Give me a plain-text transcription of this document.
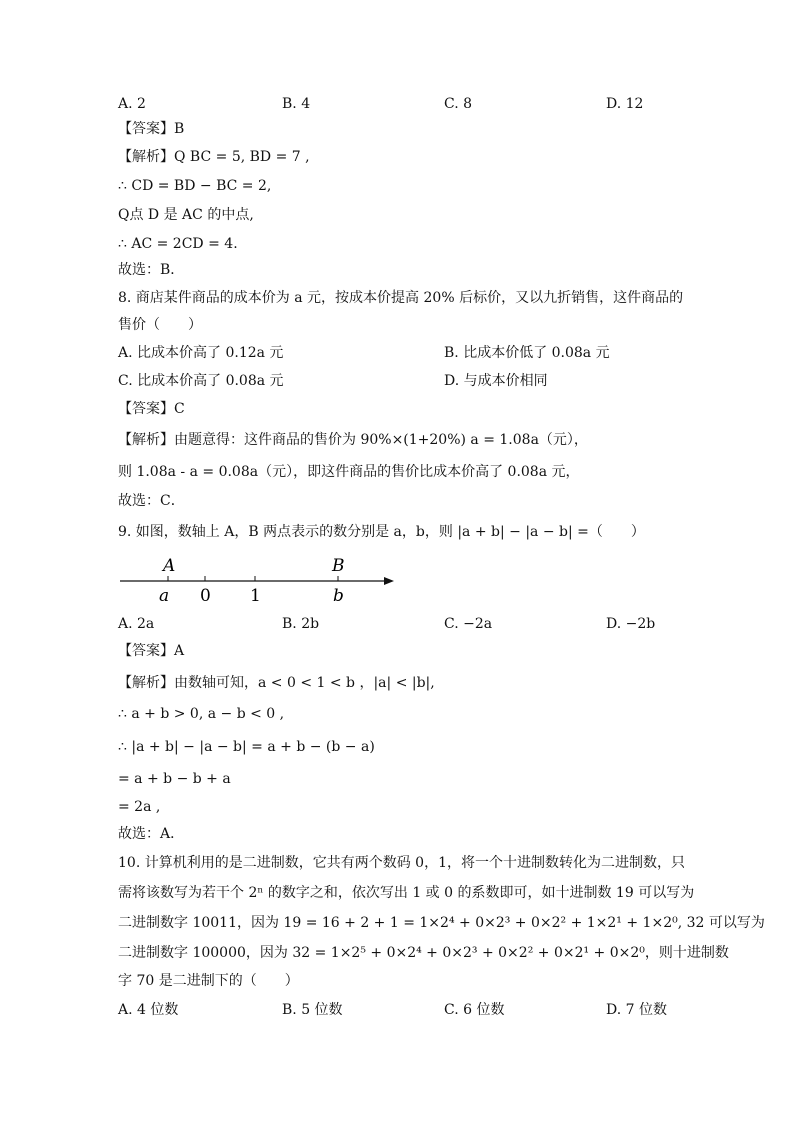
A. 2	B. 4	C. 8	D. 12
【答案】B
【解析】Q BC = 5, BD = 7 ,
∴ CD = BD − BC = 2,
Q点 D 是 AC 的中点,
∴ AC = 2CD = 4.
故选：B．
8. 商店某件商品的成本价为 a 元，按成本价提高 20% 后标价，又以九折销售，这件商品的
售价（　　）
A. 比成本价高了 0.12a 元	B. 比成本价低了 0.08a 元
C. 比成本价高了 0.08a 元	D. 与成本价相同
【答案】C
【解析】由题意得：这件商品的售价为 90%×(1+20%) a = 1.08a（元），
则 1.08a - a = 0.08a（元），即这件商品的售价比成本价高了 0.08a 元，
故选：C．
9. 如图，数轴上 A，B 两点表示的数分别是 a，b，则 |a + b| − |a − b| =（　　）
A	B
a 0 1	b
A. 2a	B. 2b	C. −2a	D. −2b
【答案】A
【解析】由数轴可知，a < 0 < 1 < b ，|a| < |b|,
∴ a + b > 0, a − b < 0 ,
∴ |a + b| − |a − b| = a + b − (b − a)
= a + b − b + a
= 2a ,
故选：A．
10. 计算机利用的是二进制数，它共有两个数码 0，1，将一个十进制数转化为二进制数，只
需将该数写为若干个 2ⁿ 的数字之和，依次写出 1 或 0 的系数即可，如十进制数 19 可以写为
二进制数字 10011，因为 19 = 16 + 2 + 1 = 1×2⁴ + 0×2³ + 0×2² + 1×2¹ + 1×2⁰, 32 可以写为
二进制数字 100000，因为 32 = 1×2⁵ + 0×2⁴ + 0×2³ + 0×2² + 0×2¹ + 0×2⁰，则十进制数
字 70 是二进制下的（　　）
A. 4 位数	B. 5 位数	C. 6 位数	D. 7 位数
